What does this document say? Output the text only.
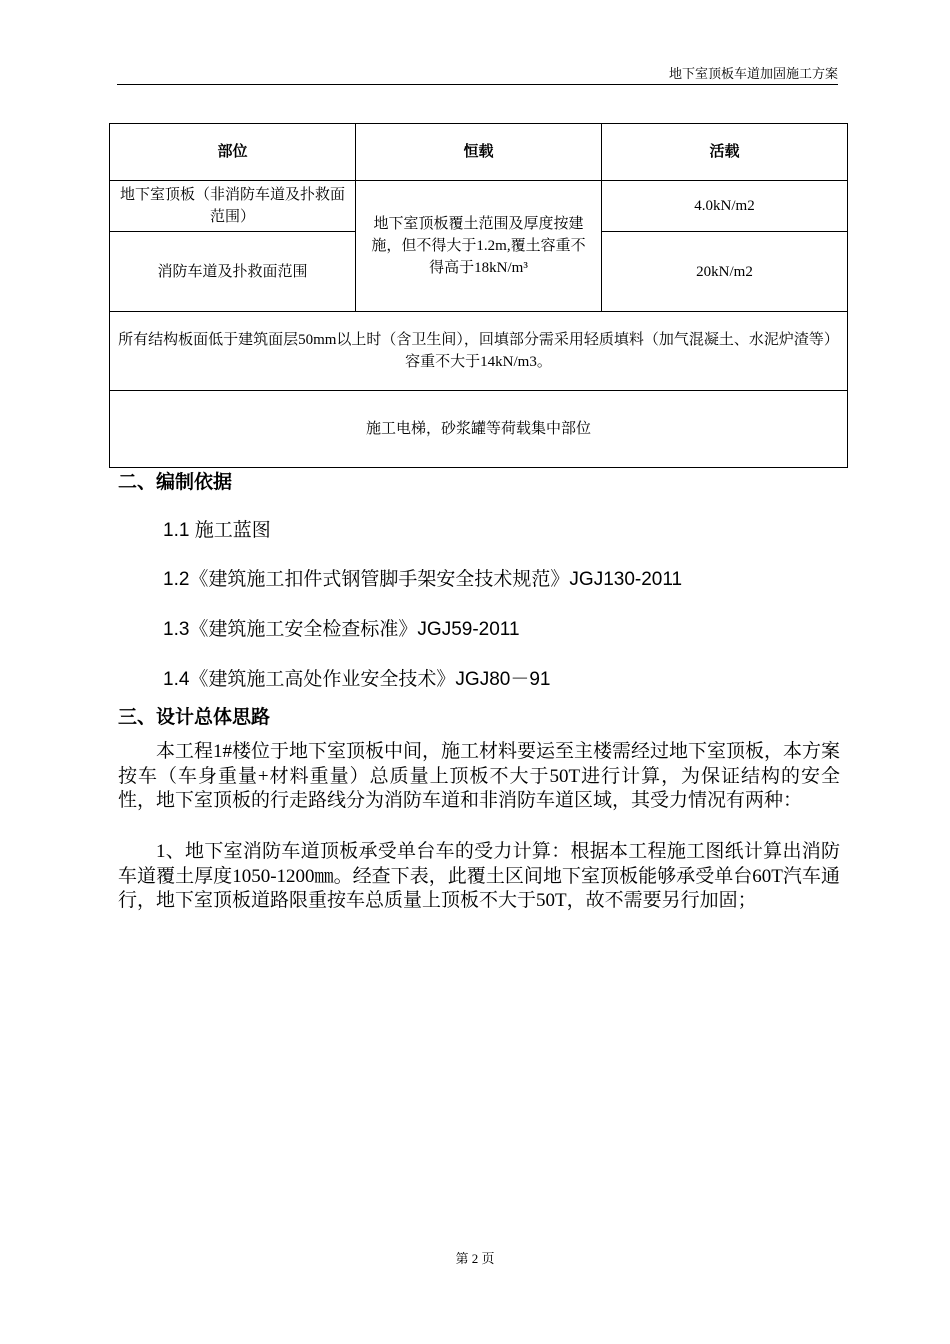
地下室顶板车道加固施工方案
部位	恒载	活载
地下室顶板（非消防车道及扑救面范围）	地下室顶板覆土范围及厚度按建施，但不得大于1.2m,覆土容重不得高于18kN/m³	4.0kN/m2
消防车道及扑救面范围		20kN/m2
所有结构板面低于建筑面层50mm以上时（含卫生间），回填部分需采用轻质填料（加气混凝土、水泥炉渣等）容重不大于14kN/m3。		
施工电梯，砂浆罐等荷载集中部位		
二、编制依据
1.1 施工蓝图
1.2《建筑施工扣件式钢管脚手架安全技术规范》JGJ130-2011
1.3《建筑施工安全检查标准》JGJ59-2011
1.4《建筑施工高处作业安全技术》JGJ80－91
三、设计总体思路

本工程1#楼位于地下室顶板中间，施工材料要运至主楼需经过地下室顶板，本方案按车（车身重量+材料重量）总质量上顶板不大于50T进行计算，为保证结构的安全性，地下室顶板的行走路线分为消防车道和非消防车道区域，其受力情况有两种：

1、地下室消防车道顶板承受单台车的受力计算：根据本工程施工图纸计算出消防车道覆土厚度1050-1200㎜。经查下表，此覆土区间地下室顶板能够承受单台60T汽车通行，地下室顶板道路限重按车总质量上顶板不大于50T，故不需要另行加固；

第 2 页
